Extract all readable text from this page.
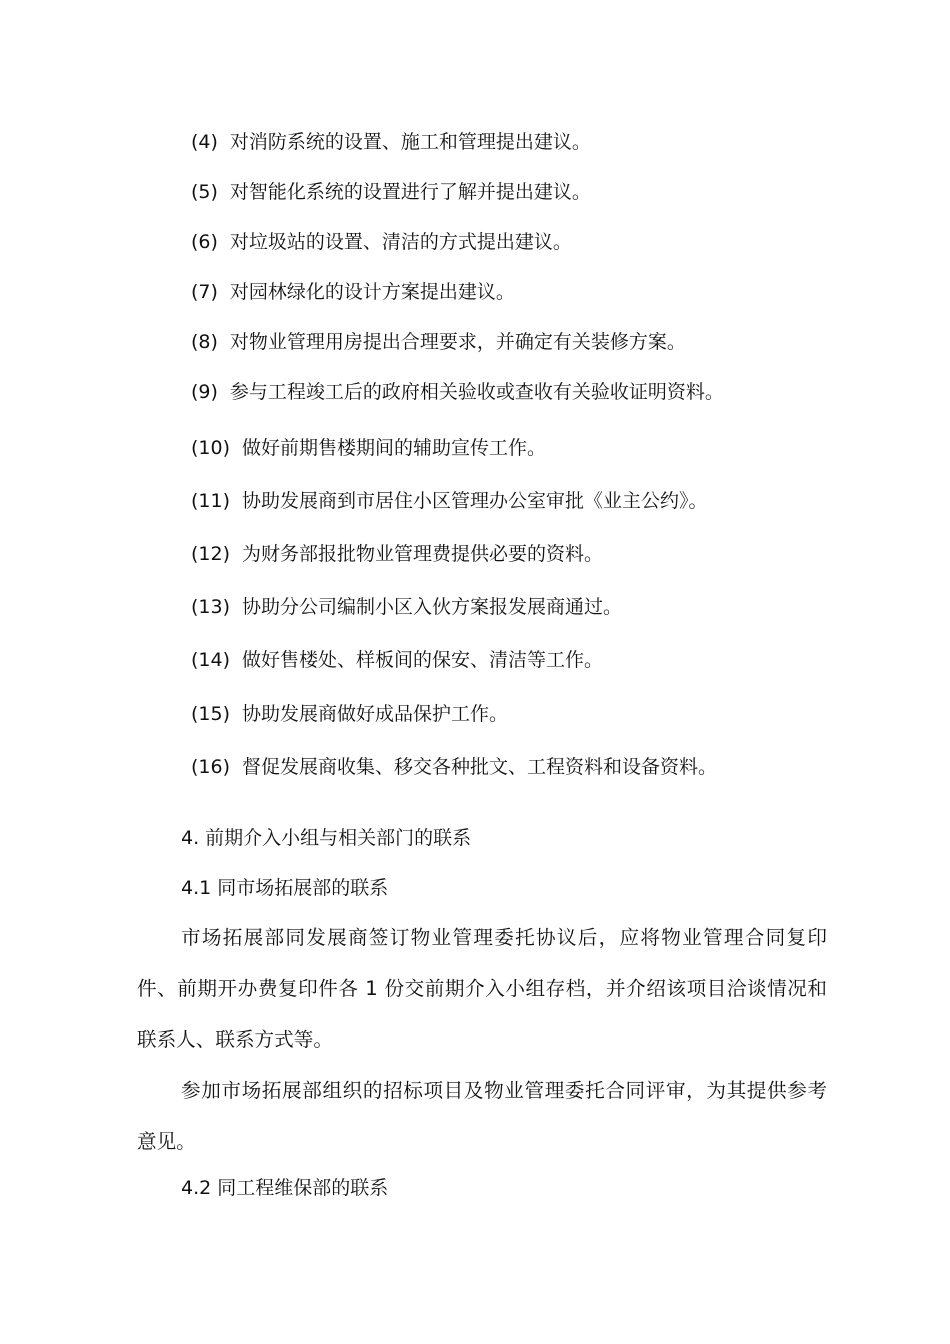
(4) 对消防系统的设置、施工和管理提出建议。
(5) 对智能化系统的设置进行了解并提出建议。
(6) 对垃圾站的设置、清洁的方式提出建议。
(7) 对园林绿化的设计方案提出建议。
(8) 对物业管理用房提出合理要求，并确定有关装修方案。
(9) 参与工程竣工后的政府相关验收或查收有关验收证明资料。
(10) 做好前期售楼期间的辅助宣传工作。
(11) 协助发展商到市居住小区管理办公室审批《业主公约》。
(12) 为财务部报批物业管理费提供必要的资料。
(13) 协助分公司编制小区入伙方案报发展商通过。
(14) 做好售楼处、样板间的保安、清洁等工作。
(15) 协助发展商做好成品保护工作。
(16) 督促发展商收集、移交各种批文、工程资料和设备资料。
4. 前期介入小组与相关部门的联系
4.1 同市场拓展部的联系

市场拓展部同发展商签订物业管理委托协议后，应将物业管理合同复印件、前期开办费复印件各 1 份交前期介入小组存档，并介绍该项目洽谈情况和联系人、联系方式等。

参加市场拓展部组织的招标项目及物业管理委托合同评审，为其提供参考意见。

4.2 同工程维保部的联系
